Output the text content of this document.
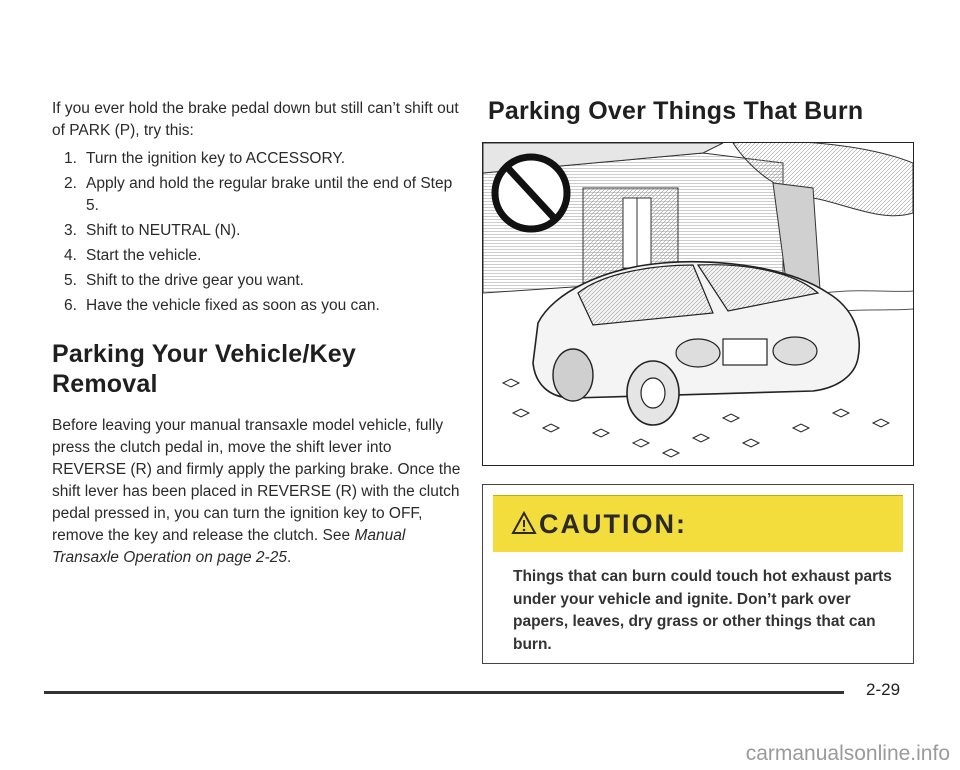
If you ever hold the brake pedal down but still can’t shift out of PARK (P), try this:

1. Turn the ignition key to ACCESSORY.
2. Apply and hold the regular brake until the end of Step 5.
3. Shift to NEUTRAL (N).
4. Start the vehicle.
5. Shift to the drive gear you want.
6. Have the vehicle fixed as soon as you can.
Parking Your Vehicle/Key Removal

Before leaving your manual transaxle model vehicle, fully press the clutch pedal in, move the shift lever into REVERSE (R) and firmly apply the parking brake. Once the shift lever has been placed in REVERSE (R) with the clutch pedal pressed in, you can turn the ignition key to OFF, remove the key and release the clutch. See Manual Transaxle Operation on page 2-25.

Parking Over Things That Burn
CAUTION:

Things that can burn could touch hot exhaust parts under your vehicle and ignite. Don’t park over papers, leaves, dry grass or other things that can burn.

2-29
carmanualsonline.info
